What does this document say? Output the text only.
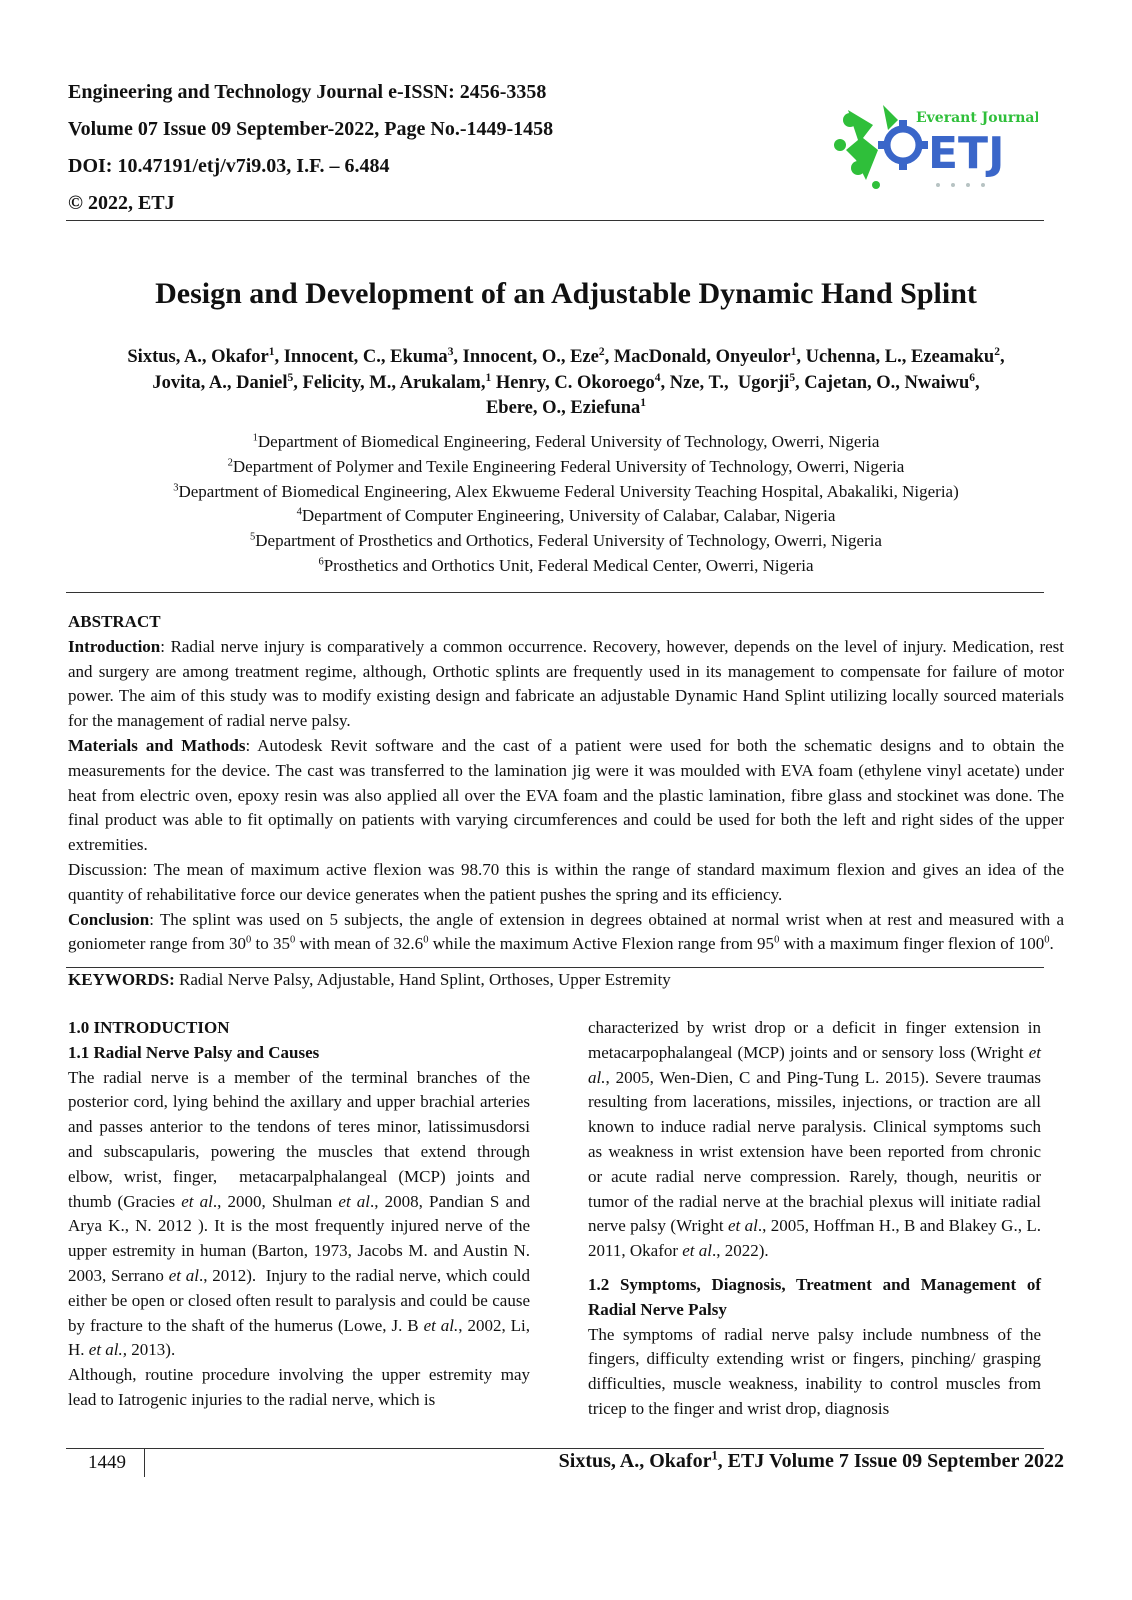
Engineering and Technology Journal e-ISSN: 2456-3358
Volume 07 Issue 09 September-2022, Page No.-1449-1458
DOI: 10.47191/etj/v7i9.03, I.F. – 6.484
© 2022, ETJ
Everant Journal
ETJ
Design and Development of an Adjustable Dynamic Hand Splint
Sixtus, A., Okafor$^1$, Innocent, C., Ekuma$^3$, Innocent, O., Eze$^2$, MacDonald, Onyeulor$^1$, Uchenna, L., Ezeamaku$^2$,
Jovita, A., Daniel$^5$, Felicity, M., Arukalam,$^1$ Henry, C. Okoroego$^4$, Nze, T.,  Ugorji$^5$, Cajetan, O., Nwaiwu$^6$,
Ebere, O., Eziefuna$^1$
$^1$Department of Biomedical Engineering, Federal University of Technology, Owerri, Nigeria
$^2$Department of Polymer and Texile Engineering Federal University of Technology, Owerri, Nigeria
$^3$Department of Biomedical Engineering, Alex Ekwueme Federal University Teaching Hospital, Abakaliki, Nigeria)
$^4$Department of Computer Engineering, University of Calabar, Calabar, Nigeria
$^5$Department of Prosthetics and Orthotics, Federal University of Technology, Owerri, Nigeria
$^6$Prosthetics and Orthotics Unit, Federal Medical Center, Owerri, Nigeria

ABSTRACT

Introduction: Radial nerve injury is comparatively a common occurrence. Recovery, however, depends on the level of injury. Medication, rest and surgery are among treatment regime, although, Orthotic splints are frequently used in its management to compensate for failure of motor power. The aim of this study was to modify existing design and fabricate an adjustable Dynamic Hand Splint utilizing locally sourced materials for the management of radial nerve palsy.

Materials and Mathods: Autodesk Revit software and the cast of a patient were used for both the schematic designs and to obtain the measurements for the device. The cast was transferred to the lamination jig were it was moulded with EVA foam (ethylene vinyl acetate) under heat from electric oven, epoxy resin was also applied all over the EVA foam and the plastic lamination, fibre glass and stockinet was done. The final product was able to fit optimally on patients with varying circumferences and could be used for both the left and right sides of the upper extremities.

Discussion: The mean of maximum active flexion was 98.70 this is within the range of standard maximum flexion and gives an idea of the quantity of rehabilitative force our device generates when the patient pushes the spring and its efficiency.

Conclusion: The splint was used on 5 subjects, the angle of extension in degrees obtained at normal wrist when at rest and measured with a goniometer range from $30^0$ to $35^0$ with mean of 32.6$^0$ while the maximum Active Flexion range from $95^0$ with a maximum finger flexion of $100^0$.

KEYWORDS: Radial Nerve Palsy, Adjustable, Hand Splint, Orthoses, Upper Estremity
1.0 INTRODUCTION
1.1 Radial Nerve Palsy and Causes

The radial nerve is a member of the terminal branches of the posterior cord, lying behind the axillary and upper brachial arteries and passes anterior to the tendons of teres minor, latissimusdorsi and subscapularis, powering the muscles that extend through elbow, wrist, finger,  metacarpalphalangeal (MCP) joints and thumb (Gracies et al., 2000, Shulman et al., 2008, Pandian S and Arya K., N. 2012 ). It is the most frequently injured nerve of the upper estremity in human (Barton, 1973, Jacobs M. and Austin N. 2003, Serrano et al., 2012).  Injury to the radial nerve, which could either be open or closed often result to paralysis and could be cause by fracture to the shaft of the humerus (Lowe, J. B et al., 2002, Li, H. et al., 2013).

Although, routine procedure involving the upper estremity may lead to Iatrogenic injuries to the radial nerve, which is

characterized by wrist drop or a deficit in finger extension in metacarpophalangeal (MCP) joints and or sensory loss (Wright et al., 2005, Wen-Dien, C and Ping-Tung L. 2015). Severe traumas resulting from lacerations, missiles, injections, or traction are all known to induce radial nerve paralysis. Clinical symptoms such as weakness in wrist extension have been reported from chronic or acute radial nerve compression. Rarely, though, neuritis or tumor of the radial nerve at the brachial plexus will initiate radial nerve palsy (Wright et al., 2005, Hoffman H., B and Blakey G., L. 2011, Okafor et al., 2022).

1.2 Symptoms, Diagnosis, Treatment and Management of Radial Nerve Palsy

The symptoms of radial nerve palsy include numbness of the fingers, difficulty extending wrist or fingers, pinching/ grasping difficulties, muscle weakness, inability to control muscles from tricep to the finger and wrist drop, diagnosis

1449	Sixtus, A., Okafor$^1$, ETJ Volume 7 Issue 09 September 2022
